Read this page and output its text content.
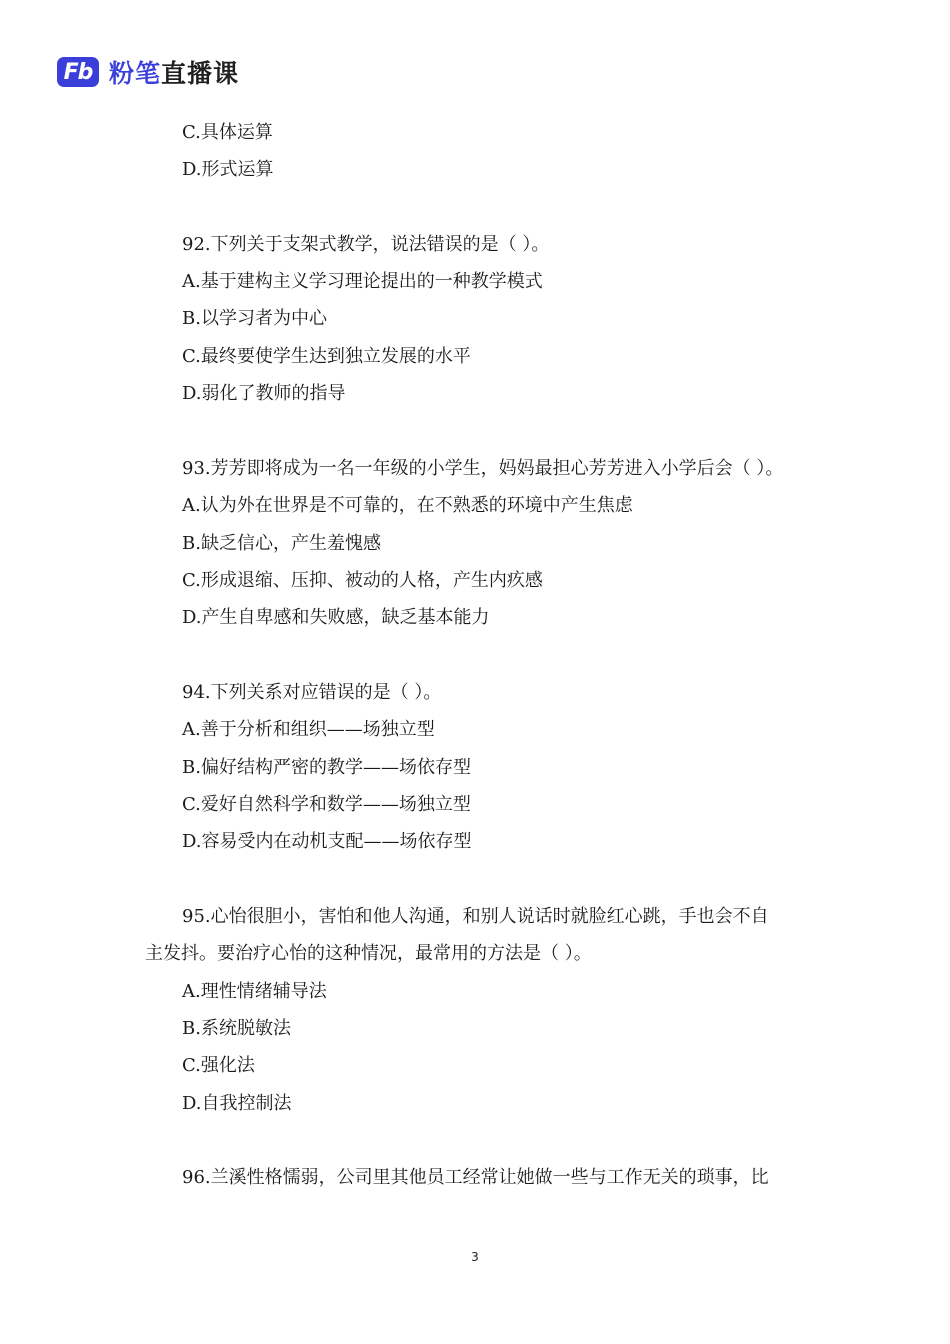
Fb 粉笔直播课
C.具体运算
D.形式运算
92.下列关于支架式教学，说法错误的是（ ）。
A.基于建构主义学习理论提出的一种教学模式
B.以学习者为中心
C.最终要使学生达到独立发展的水平
D.弱化了教师的指导
93.芳芳即将成为一名一年级的小学生，妈妈最担心芳芳进入小学后会（ ）。
A.认为外在世界是不可靠的，在不熟悉的环境中产生焦虑
B.缺乏信心，产生羞愧感
C.形成退缩、压抑、被动的人格，产生内疚感
D.产生自卑感和失败感，缺乏基本能力
94.下列关系对应错误的是（ ）。
A.善于分析和组织——场独立型
B.偏好结构严密的教学——场依存型
C.爱好自然科学和数学——场独立型
D.容易受内在动机支配——场依存型
95.心怡很胆小，害怕和他人沟通，和别人说话时就脸红心跳，手也会不自
主发抖。要治疗心怡的这种情况，最常用的方法是（ ）。
A.理性情绪辅导法
B.系统脱敏法
C.强化法
D.自我控制法
96.兰溪性格懦弱，公司里其他员工经常让她做一些与工作无关的琐事，比
3
